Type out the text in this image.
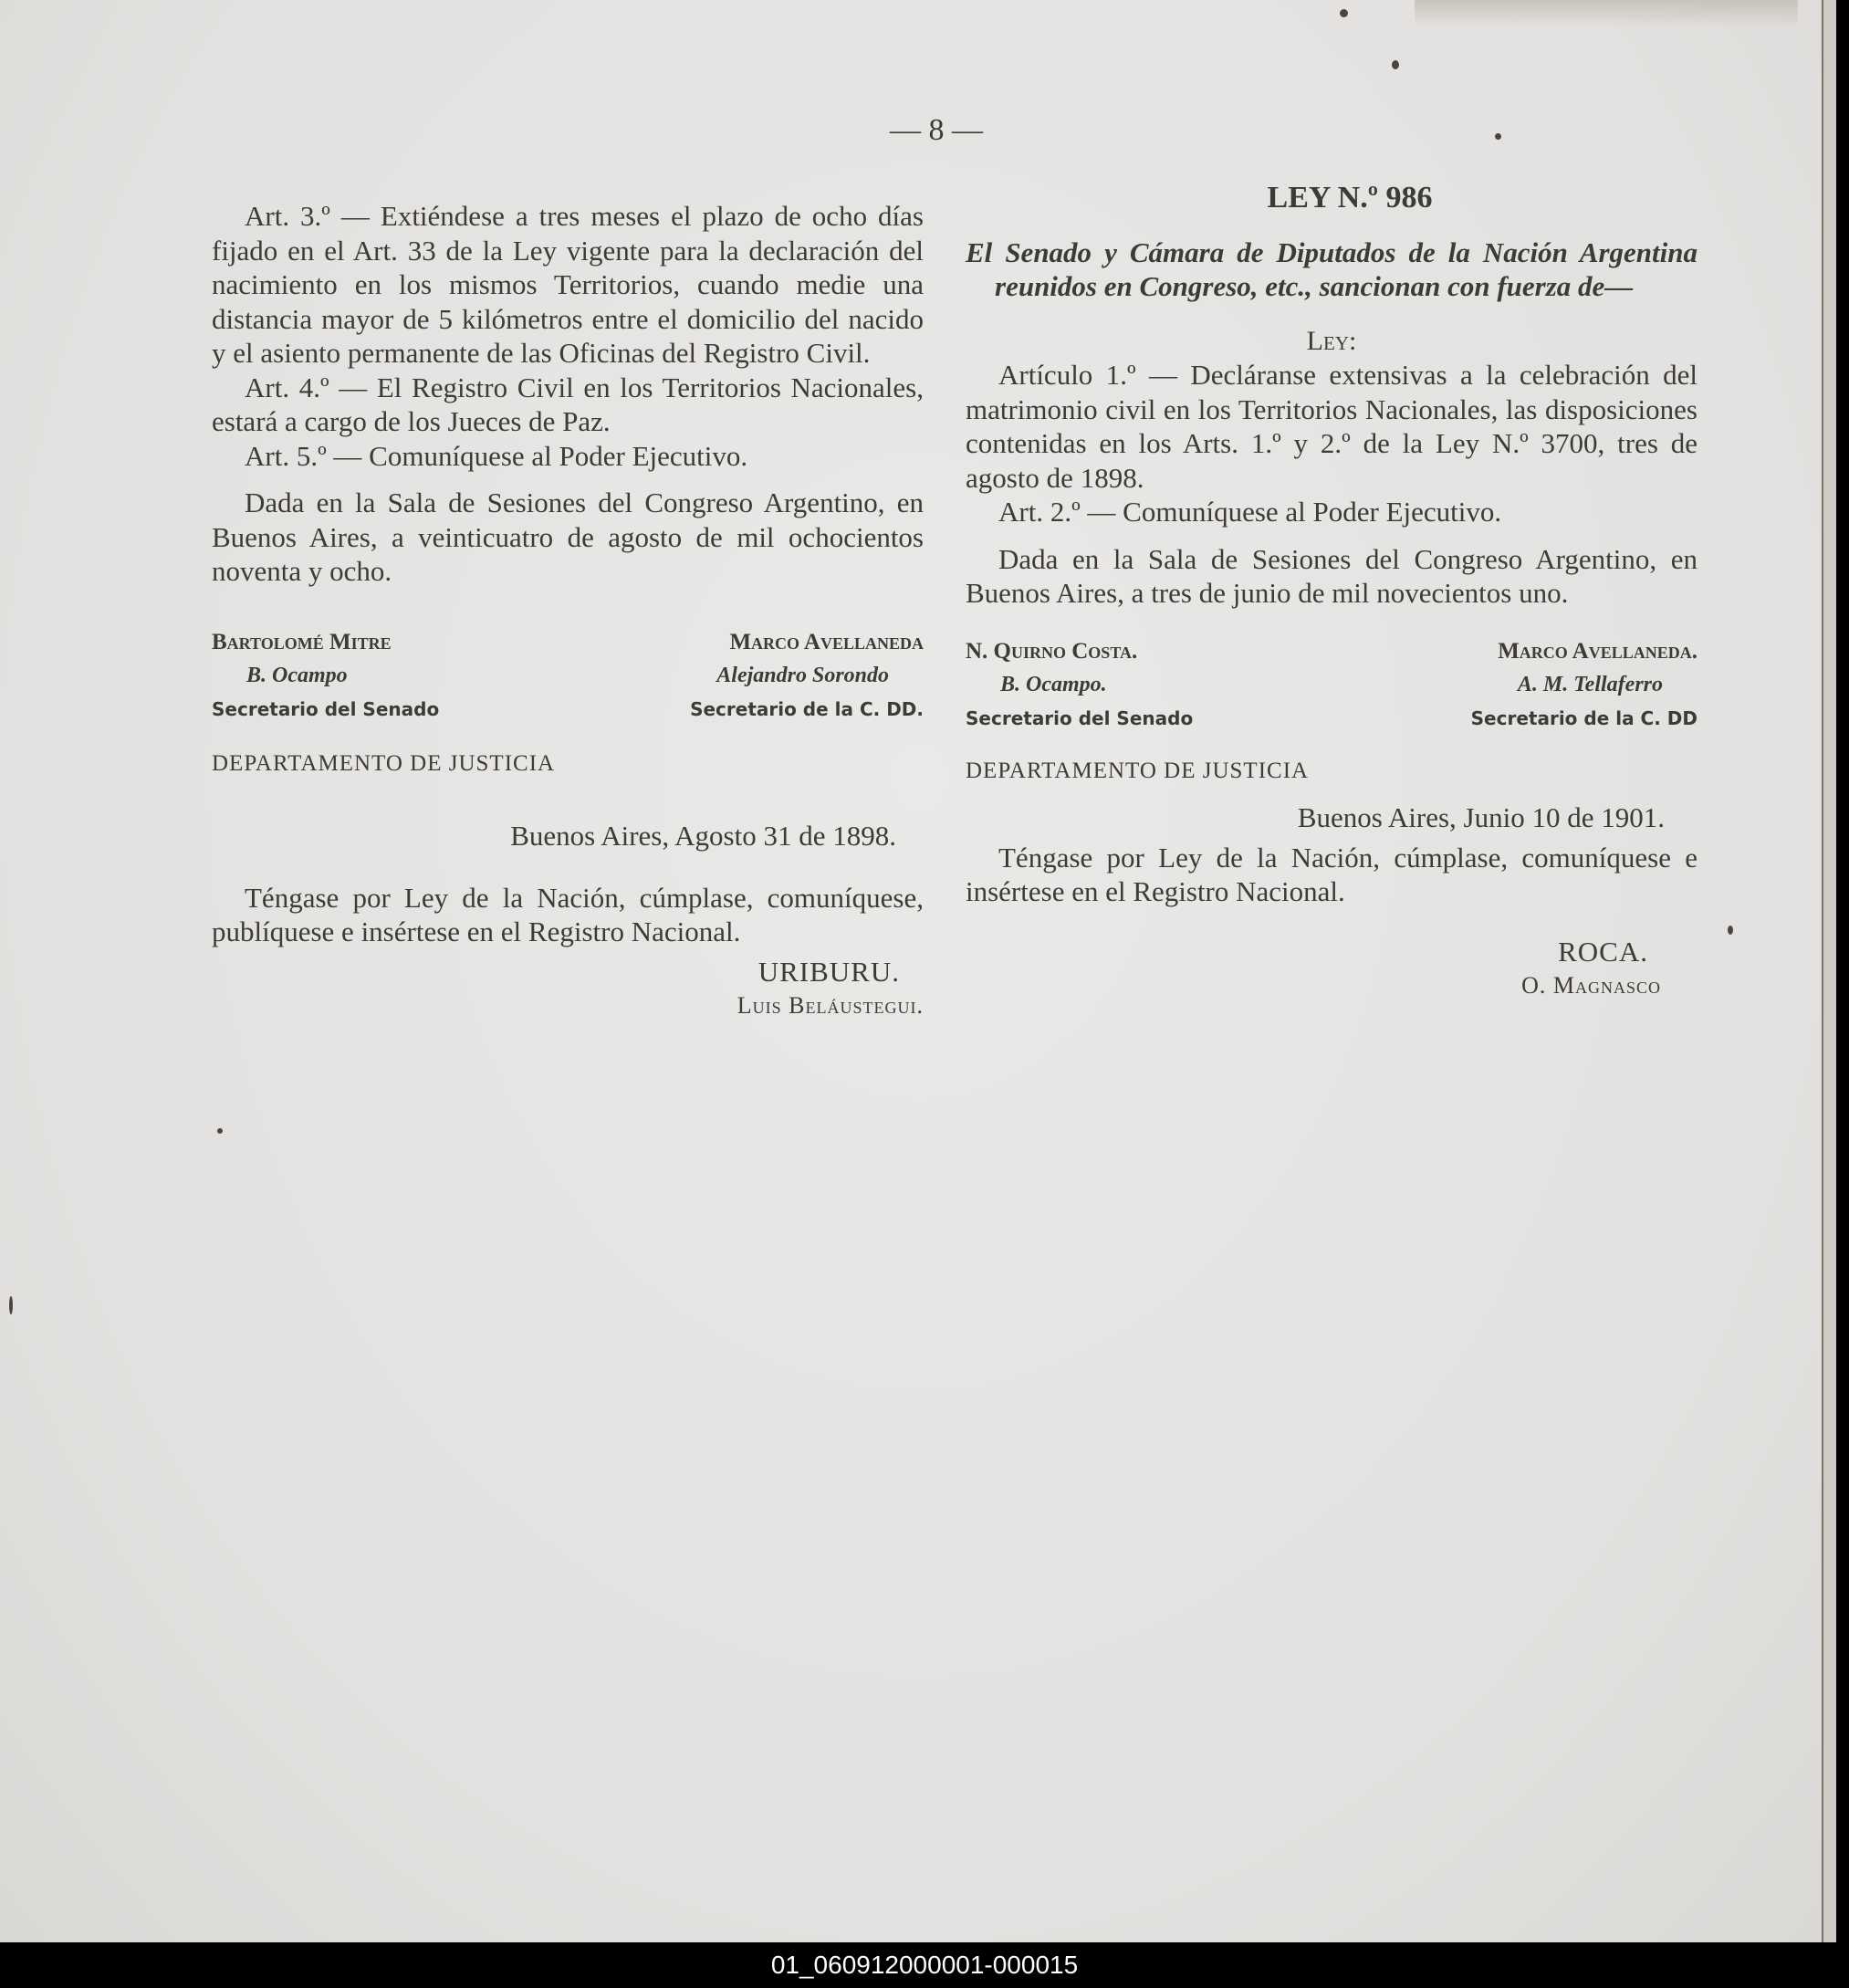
— 8 —

Art. 3.º — Extiéndese a tres meses el plazo de ocho días fijado en el Art. 33 de la Ley vigente para la declaración del nacimiento en los mismos Territorios, cuando medie una distancia mayor de 5 kilómetros entre el domicilio del nacido y el asiento permanente de las Oficinas del Registro Civil.

Art. 4.º — El Registro Civil en los Territorios Nacionales, estará a cargo de los Jueces de Paz.

Art. 5.º — Comuníquese al Poder Ejecutivo.

Dada en la Sala de Sesiones del Congreso Argentino, en Buenos Aires, a veinticuatro de agosto de mil ochocientos noventa y ocho.

Bartolomé Mitre
B. Ocampo
Secretario del Senado
Marco Avellaneda
Alejandro Sorondo
Secretario de la C. DD.

DEPARTAMENTO DE JUSTICIA

Buenos Aires, Agosto 31 de 1898.

Téngase por Ley de la Nación, cúmplase, comuníquese, publíquese e insértese en el Registro Nacional.

URIBURU.

Luis Beláustegui.

LEY N.º 986

El Senado y Cámara de Diputados de la Nación Argentina reunidos en Congreso, etc., sancionan con fuerza de—

Ley:

Artículo 1.º — Decláranse extensivas a la celebración del matrimonio civil en los Territorios Nacionales, las disposiciones contenidas en los Arts. 1.º y 2.º de la Ley N.º 3700, tres de agosto de 1898.

Art. 2.º — Comuníquese al Poder Ejecutivo.

Dada en la Sala de Sesiones del Congreso Argentino, en Buenos Aires, a tres de junio de mil novecientos uno.

N. Quirno Costa.
B. Ocampo.
Secretario del Senado
Marco Avellaneda.
A. M. Tellaferro
Secretario de la C. DD

DEPARTAMENTO DE JUSTICIA

Buenos Aires, Junio 10 de 1901.

Téngase por Ley de la Nación, cúmplase, comuníquese e insértese en el Registro Nacional.

ROCA.

O. Magnasco

01_060912000001-000015
